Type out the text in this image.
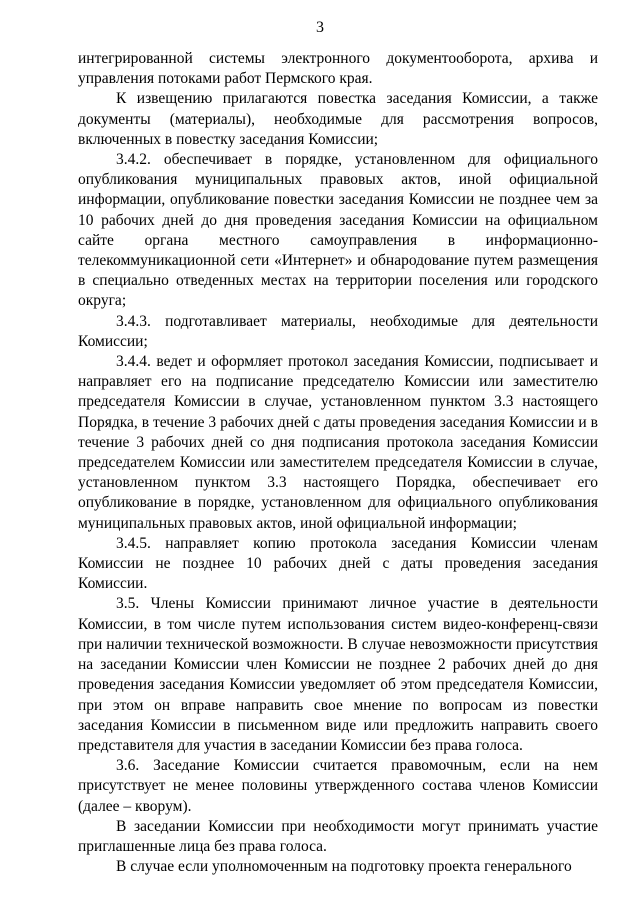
3

интегрированной системы электронного документооборота, архива и управления потоками работ Пермского края.

К извещению прилагаются повестка заседания Комиссии, а также документы (материалы), необходимые для рассмотрения вопросов, включенных в повестку заседания Комиссии;

3.4.2. обеспечивает в порядке, установленном для официального опубликования муниципальных правовых актов, иной официальной информации, опубликование повестки заседания Комиссии не позднее чем за 10 рабочих дней до дня проведения заседания Комиссии на официальном сайте органа местного самоуправления в информационно-телекоммуникационной сети «Интернет» и обнародование путем размещения в специально отведенных местах на территории поселения или городского округа;

3.4.3. подготавливает материалы, необходимые для деятельности Комиссии;

3.4.4. ведет и оформляет протокол заседания Комиссии, подписывает и направляет его на подписание председателю Комиссии или заместителю председателя Комиссии в случае, установленном пунктом 3.3 настоящего Порядка, в течение 3 рабочих дней с даты проведения заседания Комиссии и в течение 3 рабочих дней со дня подписания протокола заседания Комиссии председателем Комиссии или заместителем председателя Комиссии в случае, установленном пунктом 3.3 настоящего Порядка, обеспечивает его опубликование в порядке, установленном для официального опубликования муниципальных правовых актов, иной официальной информации;

3.4.5. направляет копию протокола заседания Комиссии членам Комиссии не позднее 10 рабочих дней с даты проведения заседания Комиссии.

3.5. Члены Комиссии принимают личное участие в деятельности Комиссии, в том числе путем использования систем видео-конференц-связи при наличии технической возможности. В случае невозможности присутствия на заседании Комиссии член Комиссии не позднее 2 рабочих дней до дня проведения заседания Комиссии уведомляет об этом председателя Комиссии, при этом он вправе направить свое мнение по вопросам из повестки заседания Комиссии в письменном виде или предложить направить своего представителя для участия в заседании Комиссии без права голоса.

3.6. Заседание Комиссии считается правомочным, если на нем присутствует не менее половины утвержденного состава членов Комиссии (далее – кворум).

В заседании Комиссии при необходимости могут принимать участие приглашенные лица без права голоса.

В случае если уполномоченным на подготовку проекта генерального
